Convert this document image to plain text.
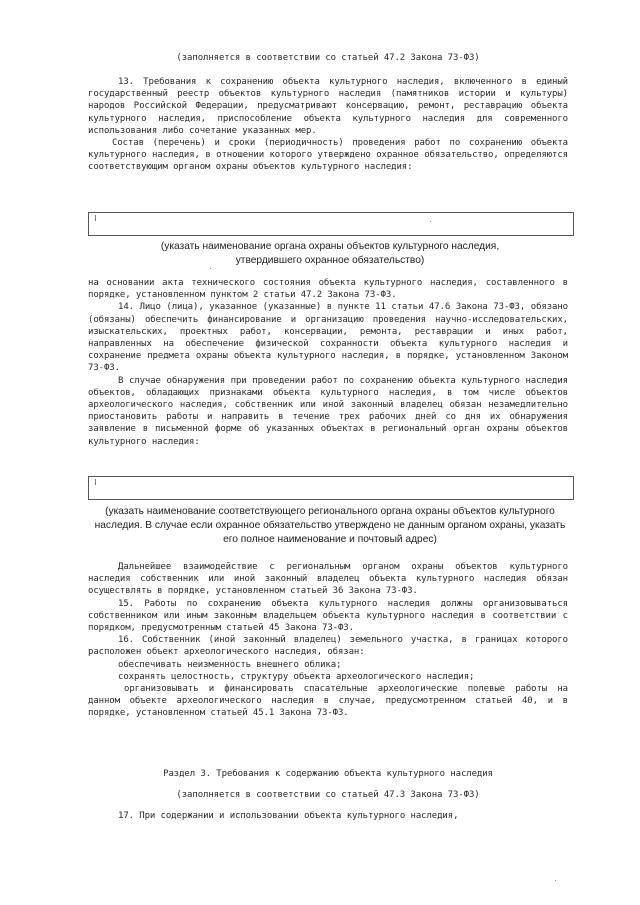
(заполняется в соответствии со статьей 47.2 Закона 73-ФЗ)

13. Требования к сохранению объекта культурного наследия, включенного в единый государственный реестр объектов культурного наследия (памятников истории и культуры) народов Российской Федерации, предусматривают консервацию, ремонт, реставрацию объекта культурного наследия, приспособление объекта культурного наследия для современного использования либо сочетание указанных мер.

Состав (перечень) и сроки (периодичность) проведения работ по сохранению объекта культурного наследия, в отношении которого утверждено охранное обязательство, определяются соответствующим органом охраны объектов культурного наследия:

(указать наименование органа охраны объектов культурного наследия, утвердившего охранное обязательство)

на основании акта технического состояния объекта культурного наследия, составленного в порядке, установленном пунктом 2 статьи 47.2 Закона 73-ФЗ.

14. Лицо (лица), указанное (указанные) в пункте 11 статьи 47.6 Закона 73-ФЗ, обязано (обязаны) обеспечить финансирование и организацию проведения научно-исследовательских, изыскательских, проектных работ, консервации, ремонта, реставрации и иных работ, направленных на обеспечение физической сохранности объекта культурного наследия и сохранение предмета охраны объекта культурного наследия, в порядке, установленном Законом 73-ФЗ.

В случае обнаружения при проведении работ по сохранению объекта культурного наследия объектов, обладающих признаками объекта культурного наследия, в том числе объектов археологического наследия, собственник или иной законный владелец обязан незамедлительно приостановить работы и направить в течение трех рабочих дней со дня их обнаружения заявление в письменной форме об указанных объектах в региональный орган охраны объектов культурного наследия:

(указать наименование соответствующего регионального органа охраны объектов культурного наследия. В случае если охранное обязательство утверждено не данным органом охраны, указать его полное наименование и почтовый адрес)

Дальнейшее взаимодействие с региональным органом охраны объектов культурного наследия собственник или иной законный владелец объекта культурного наследия обязан осуществлять в порядке, установленном статьей 36 Закона 73-ФЗ.

15. Работы по сохранению объекта культурного наследия должны организовываться собственником или иным законным владельцем объекта культурного наследия в соответствии с порядком, предусмотренным статьей 45 Закона 73-ФЗ.

16. Собственник (иной законный владелец) земельного участка, в границах которого расположен объект археологического наследия, обязан:

обеспечивать неизменность внешнего облика;

сохранять целостность, структуру объекта археологического наследия;

организовывать и финансировать спасательные археологические полевые работы на данном объекте археологического наследия в случае, предусмотренном статьей 40, и в порядке, установленном статьей 45.1 Закона 73-ФЗ.

Раздел 3. Требования к содержанию объекта культурного наследия
(заполняется в соответствии со статьей 47.3 Закона 73-ФЗ)

17. При содержании и использовании объекта культурного наследия,
